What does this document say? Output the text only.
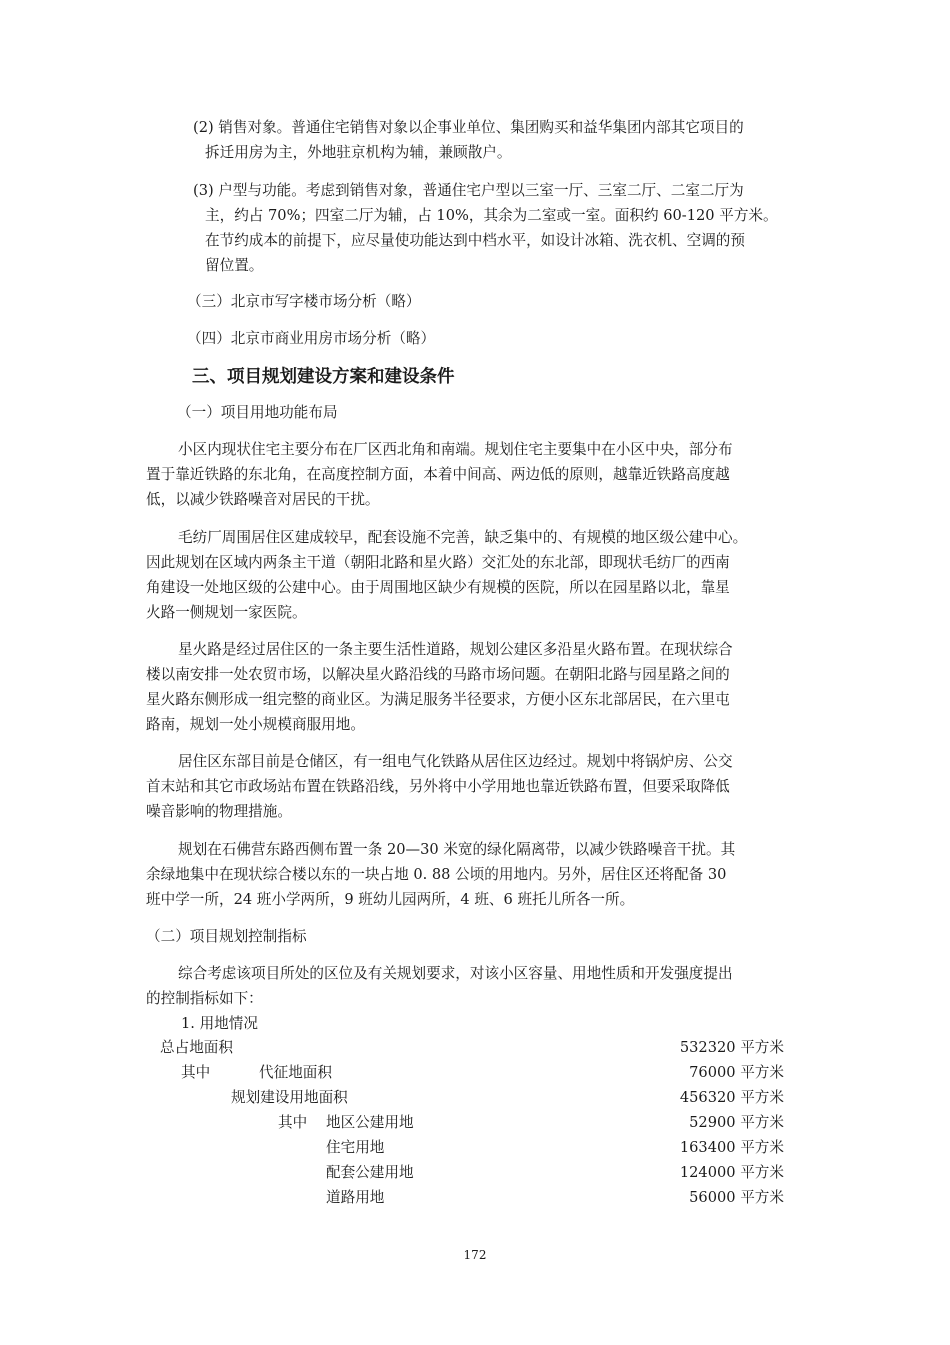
(2) 销售对象。普通住宅销售对象以企事业单位、集团购买和益华集团内部其它项目的
拆迁用房为主，外地驻京机构为辅，兼顾散户。
(3) 户型与功能。考虑到销售对象，普通住宅户型以三室一厅、三室二厅、二室二厅为
主，约占 70%；四室二厅为辅，占 10%，其余为二室或一室。面积约 60-120 平方米。
在节约成本的前提下，应尽量使功能达到中档水平，如设计冰箱、洗衣机、空调的预
留位置。
（三）北京市写字楼市场分析（略）
（四）北京市商业用房市场分析（略）
三、项目规划建设方案和建设条件
（一）项目用地功能布局
小区内现状住宅主要分布在厂区西北角和南端。规划住宅主要集中在小区中央，部分布
置于靠近铁路的东北角，在高度控制方面，本着中间高、两边低的原则，越靠近铁路高度越
低，以减少铁路噪音对居民的干扰。
毛纺厂周围居住区建成较早，配套设施不完善，缺乏集中的、有规模的地区级公建中心。
因此规划在区域内两条主干道（朝阳北路和星火路）交汇处的东北部，即现状毛纺厂的西南
角建设一处地区级的公建中心。由于周围地区缺少有规模的医院，所以在园星路以北，靠星
火路一侧规划一家医院。
星火路是经过居住区的一条主要生活性道路，规划公建区多沿星火路布置。在现状综合
楼以南安排一处农贸市场，以解决星火路沿线的马路市场问题。在朝阳北路与园星路之间的
星火路东侧形成一组完整的商业区。为满足服务半径要求，方便小区东北部居民，在六里屯
路南，规划一处小规模商服用地。
居住区东部目前是仓储区，有一组电气化铁路从居住区边经过。规划中将锅炉房、公交
首末站和其它市政场站布置在铁路沿线，另外将中小学用地也靠近铁路布置，但要采取降低
噪音影响的物理措施。
规划在石佛营东路西侧布置一条 20—30 米宽的绿化隔离带，以减少铁路噪音干扰。其
余绿地集中在现状综合楼以东的一块占地 0. 88 公顷的用地内。另外，居住区还将配备 30
班中学一所，24 班小学两所，9 班幼儿园两所，4 班、6 班托儿所各一所。
（二）项目规划控制指标
综合考虑该项目所处的区位及有关规划要求，对该小区容量、用地性质和开发强度提出
的控制指标如下：
1. 用地情况
总占地面积	532320 平方米
其中	代征地面积	76000 平方米
规划建设用地面积	456320 平方米
其中 地区公建用地	52900 平方米
住宅用地	163400 平方米
配套公建用地	124000 平方米
道路用地	56000 平方米
172
